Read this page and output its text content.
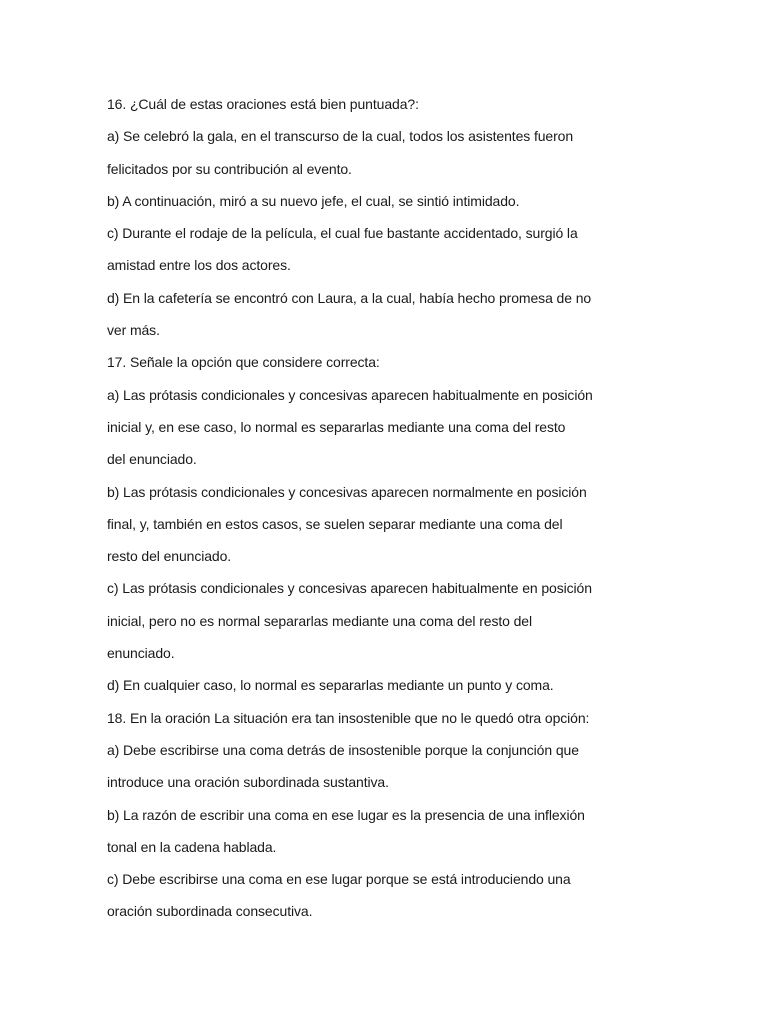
16. ¿Cuál de estas oraciones está bien puntuada?:
a) Se celebró la gala, en el transcurso de la cual, todos los asistentes fueron
felicitados por su contribución al evento.
b) A continuación, miró a su nuevo jefe, el cual, se sintió intimidado.
c) Durante el rodaje de la película, el cual fue bastante accidentado, surgió la
amistad entre los dos actores.
d) En la cafetería se encontró con Laura, a la cual, había hecho promesa de no
ver más.
17. Señale la opción que considere correcta:
a) Las prótasis condicionales y concesivas aparecen habitualmente en posición
inicial y, en ese caso, lo normal es separarlas mediante una coma del resto
del enunciado.
b) Las prótasis condicionales y concesivas aparecen normalmente en posición
final, y, también en estos casos, se suelen separar mediante una coma del
resto del enunciado.
c) Las prótasis condicionales y concesivas aparecen habitualmente en posición
inicial, pero no es normal separarlas mediante una coma del resto del
enunciado.
d) En cualquier caso, lo normal es separarlas mediante un punto y coma.
18. En la oración La situación era tan insostenible que no le quedó otra opción:
a) Debe escribirse una coma detrás de insostenible porque la conjunción que
introduce una oración subordinada sustantiva.
b) La razón de escribir una coma en ese lugar es la presencia de una inflexión
tonal en la cadena hablada.
c) Debe escribirse una coma en ese lugar porque se está introduciendo una
oración subordinada consecutiva.
